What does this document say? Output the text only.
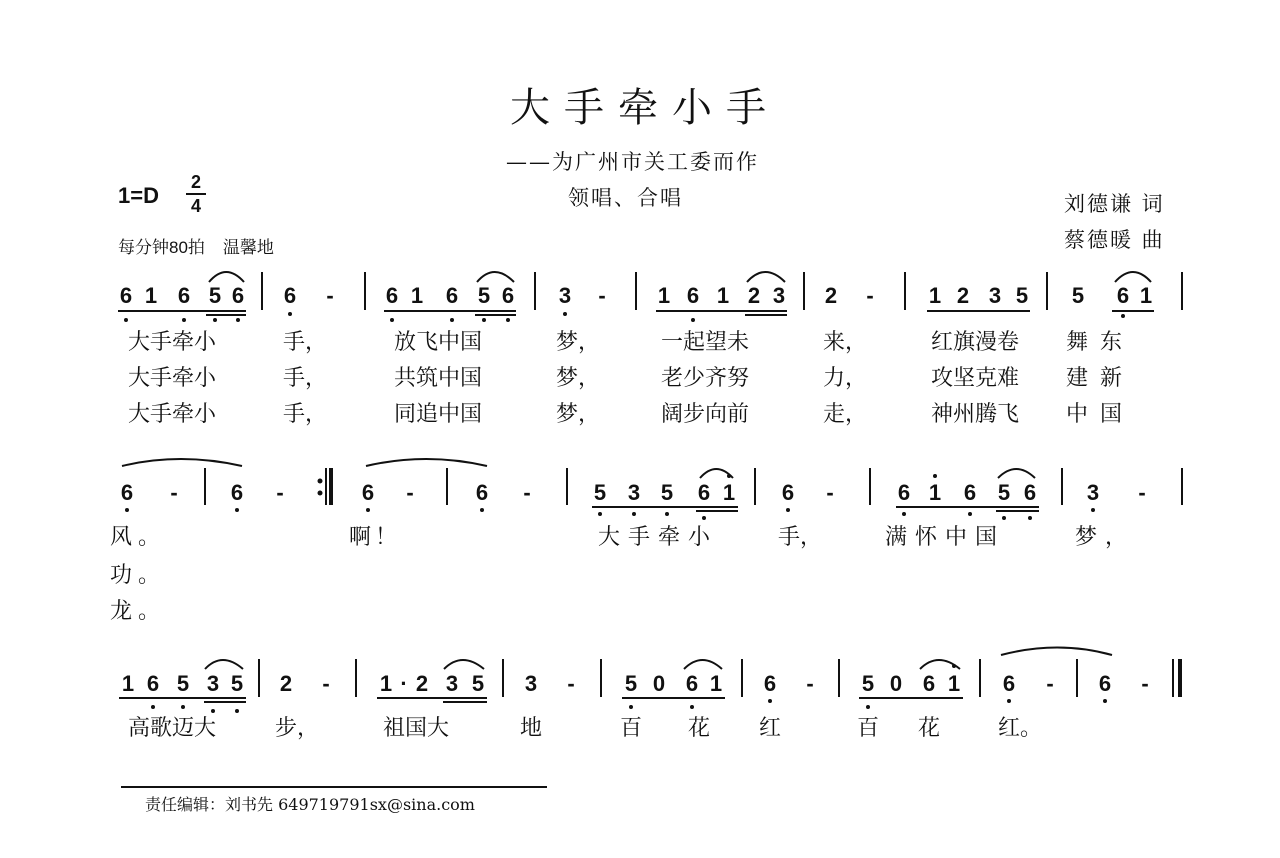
大手牵小手
——为广州市关工委而作
领唱、合唱	刘德谦 词
蔡德暖 曲
1=D
2
4
每分钟80拍 温馨地
6 1 6 5 6 6 - 6 1 6 5 6 3 - 1 6 1 2 3 2 -	1 2 3 5 5 6 1
大手牵小	手，	放飞中国	梦，	一起望未	来，	红旗漫卷 舞东
大手牵小	手，	共筑中国	梦，	老少齐努	力，	攻坚克难 建新
大手牵小	手，	同追中国	梦，	阔步向前	走，	神州腾飞 中国
6 - 6 -	6 -	6 -	5 3 5 6 1 6 -	6 1 6 5 6 3 -
风。	啊！	大手牵小	手，	满怀中国	梦，
功。
龙。
1 6 5 3 5 2 - 1 · 2 3 5 3 - 5 0 6 1 6 - 5 0 6 1 6 - 6 -
高歌迈大	步，	祖国大	地	百 花 红	百 花	红。
责任编辑：刘书先 649719791sx@sina.com
